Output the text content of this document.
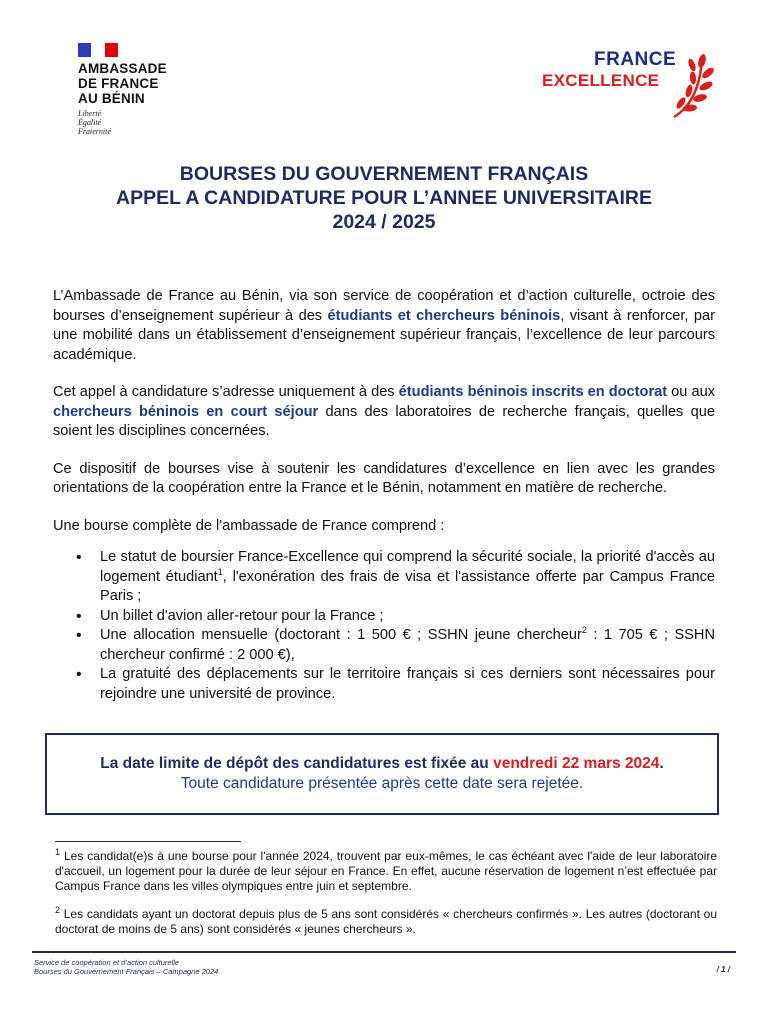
AMBASSADE
DE FRANCE
AU BÉNIN
Liberté
Égalité
Fraternité
FRANCE
EXCELLENCE
BOURSES DU GOUVERNEMENT FRANÇAIS
APPEL A CANDIDATURE POUR L’ANNEE UNIVERSITAIRE
2024 / 2025

L’Ambassade de France au Bénin, via son service de coopération et d’action culturelle, octroie des bourses d’enseignement supérieur à des étudiants et chercheurs béninois, visant à renforcer, par une mobilité dans un établissement d’enseignement supérieur français, l’excellence de leur parcours académique.

Cet appel à candidature s’adresse uniquement à des étudiants béninois inscrits en doctorat ou aux chercheurs béninois en court séjour dans des laboratoires de recherche français, quelles que soient les disciplines concernées.

Ce dispositif de bourses vise à soutenir les candidatures d’excellence en lien avec les grandes orientations de la coopération entre la France et le Bénin, notamment en matière de recherche.

Une bourse complète de l'ambassade de France comprend :

• Le statut de boursier France-Excellence qui comprend la sécurité sociale, la priorité d'accès au logement étudiant$^1$, l'exonération des frais de visa et l'assistance offerte par Campus France Paris ;
• Un billet d'avion aller-retour pour la France ;
• Une allocation mensuelle (doctorant : 1 500 € ; SSHN jeune chercheur$^2$ : 1 705 € ; SSHN chercheur confirmé : 2 000 €),
• La gratuité des déplacements sur le territoire français si ces derniers sont nécessaires pour rejoindre une université de province.
La date limite de dépôt des candidatures est fixée au vendredi 22 mars 2024.
Toute candidature présentée après cette date sera rejetée.
$^1$ Les candidat(e)s à une bourse pour l'année 2024, trouvent par eux-mêmes, le cas échéant avec l'aide de leur laboratoire d'accueil, un logement pour la durée de leur séjour en France. En effet, aucune réservation de logement n’est effectuée par Campus France dans les villes olympiques entre juin et septembre.
$^2$ Les candidats ayant un doctorat depuis plus de 5 ans sont considérés « chercheurs confirmés ». Les autres (doctorant ou doctorat de moins de 5 ans) sont considérés « jeunes chercheurs ».
Service de coopération et d’action culturelle
Bourses du Gouvernement Français – Campagne 2024	/ 1 /
